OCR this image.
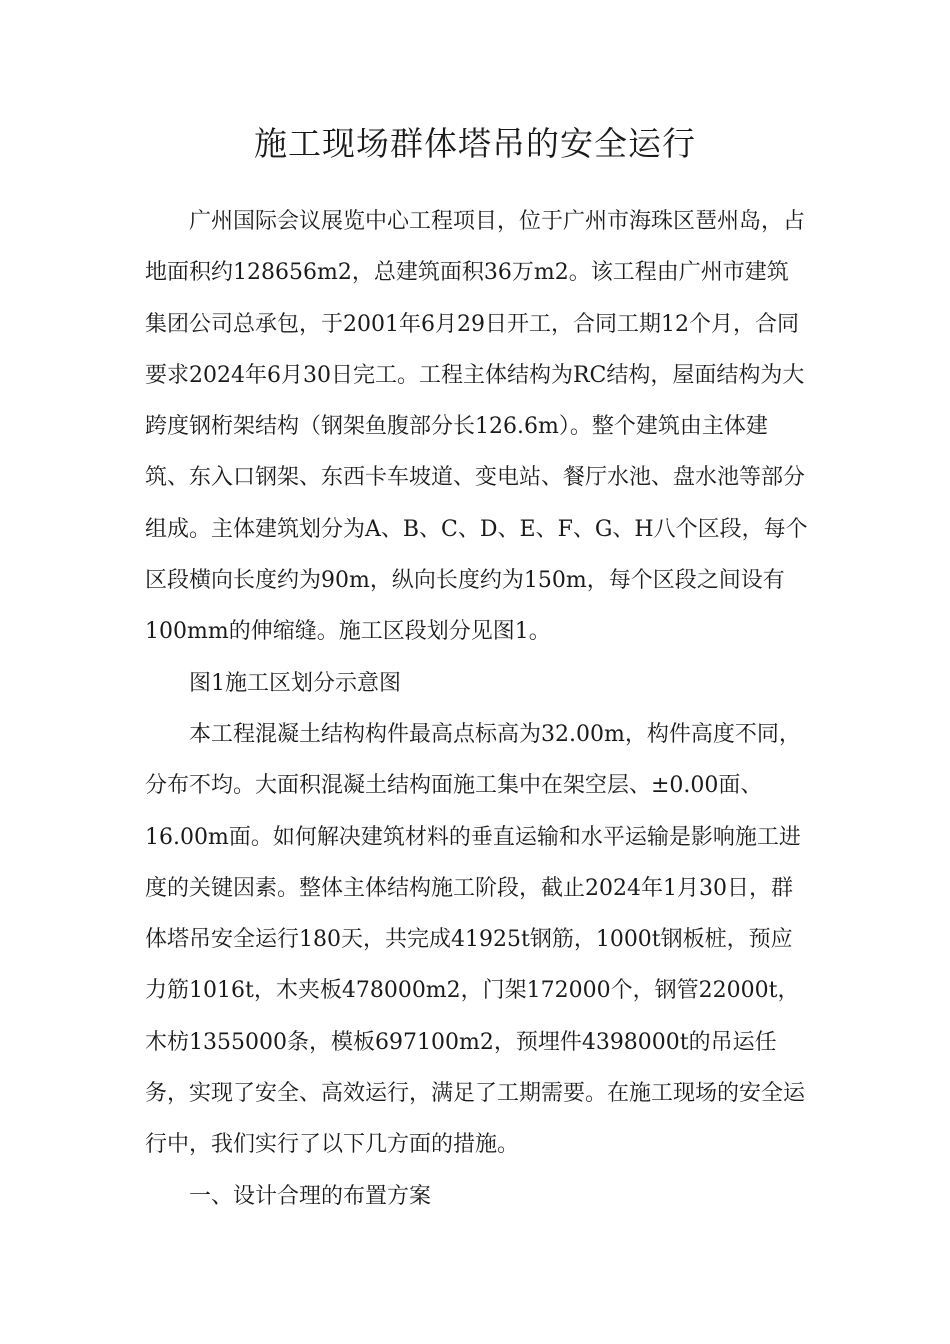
施工现场群体塔吊的安全运行

广州国际会议展览中心工程项目，位于广州市海珠区琶州岛，占地面积约128656m2，总建筑面积36万m2。该工程由广州市建筑集团公司总承包，于2001年6月29日开工，合同工期12个月，合同要求2024年6月30日完工。工程主体结构为RC结构，屋面结构为大跨度钢桁架结构（钢架鱼腹部分长126.6m）。整个建筑由主体建筑、东入口钢架、东西卡车坡道、变电站、餐厅水池、盘水池等部分组成。主体建筑划分为A、B、C、D、E、F、G、H八个区段，每个区段横向长度约为90m，纵向长度约为150m，每个区段之间设有100mm的伸缩缝。施工区段划分见图1。

图1施工区划分示意图

本工程混凝土结构构件最高点标高为32.00m，构件高度不同，分布不均。大面积混凝土结构面施工集中在架空层、±0.00面、16.00m面。如何解决建筑材料的垂直运输和水平运输是影响施工进度的关键因素。整体主体结构施工阶段，截止2024年1月30日，群体塔吊安全运行180天，共完成41925t钢筋，1000t钢板桩，预应力筋1016t，木夹板478000m2，门架172000个，钢管22000t，木枋1355000条，模板697100m2，预埋件4398000t的吊运任务，实现了安全、高效运行，满足了工期需要。在施工现场的安全运行中，我们实行了以下几方面的措施。

一、设计合理的布置方案
